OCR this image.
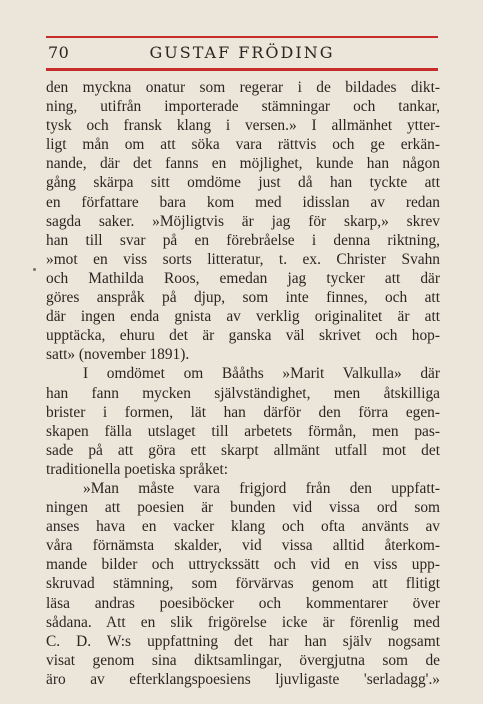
70	GUSTAF FRÖDING
den myckna onatur som regerar i de bildades dikt-
ning, utifrån importerade stämningar och tankar,
tysk och fransk klang i versen.» I allmänhet ytter-
ligt mån om att söka vara rättvis och ge erkän-
nande, där det fanns en möjlighet, kunde han någon
gång skärpa sitt omdöme just då han tyckte att
en författare bara kom med idisslan av redan
sagda saker. »Möjligtvis är jag för skarp,» skrev
han till svar på en förebråelse i denna riktning,
»mot en viss sorts litteratur, t. ex. Christer Svahn
och Mathilda Roos, emedan jag tycker att där
göres anspråk på djup, som inte finnes, och att
där ingen enda gnista av verklig originalitet är att
upptäcka, ehuru det är ganska väl skrivet och hop-
satt» (november 1891).
I omdömet om Bååths »Marit Valkulla» där
han fann mycken självständighet, men åtskilliga
brister i formen, lät han därför den förra egen-
skapen fälla utslaget till arbetets förmån, men pas-
sade på att göra ett skarpt allmänt utfall mot det
traditionella poetiska språket:
»Man måste vara frigjord från den uppfatt-
ningen att poesien är bunden vid vissa ord som
anses hava en vacker klang och ofta använts av
våra förnämsta skalder, vid vissa alltid återkom-
mande bilder och uttryckssätt och vid en viss upp-
skruvad stämning, som förvärvas genom att flitigt
läsa andras poesiböcker och kommentarer över
sådana. Att en slik frigörelse icke är förenlig med
C. D. W:s uppfattning det har han själv nogsamt
visat genom sina diktsamlingar, övergjutna som de
äro av efterklangspoesiens ljuvligaste 'serladagg'.»
